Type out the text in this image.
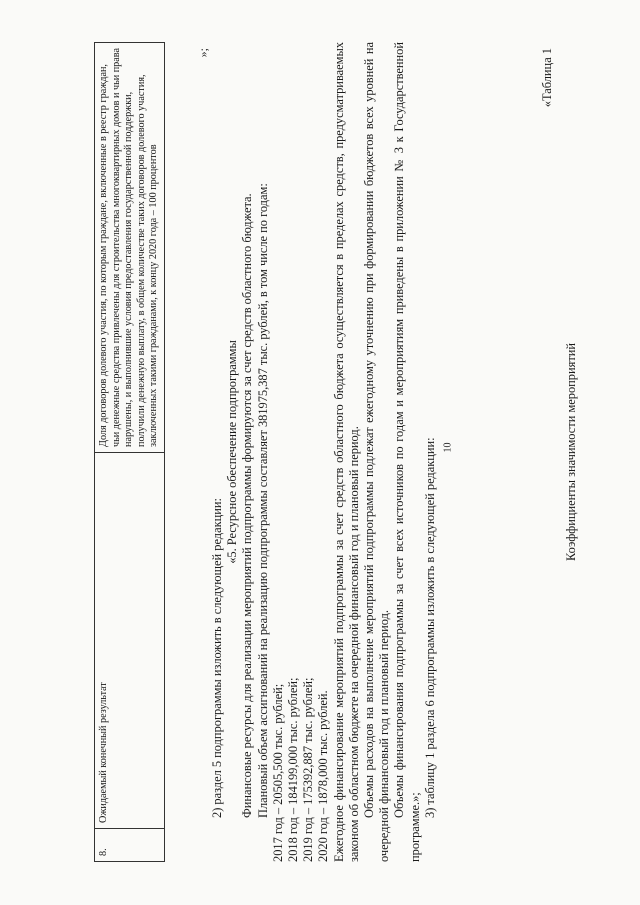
10
8.	Ожидаемый конечный результат	Доля договоров долевого участия, по которым граждане, включенные в реестр граждан, чьи денежные средства привлечены для строительства многоквартирных домов и чьи права нарушены, и выполнившие условия предоставления государственной поддержки, получили денежную выплату, в общем количестве таких договоров долевого участия, заключенных такими гражданами, к концу 2020 года – 100 процентов
»;

2) раздел 5 подпрограммы изложить в следующей редакции:

«5. Ресурсное обеспечение подпрограммы Финансовые ресурсы для реализации мероприятий подпрограммы формируются за счет средств областного бюджета. Плановый объем ассигнований на реализацию подпрограммы составляет 381975,387 тыс. рублей, в том числе по годам: 2017 год – 20505,500 тыс. рублей; 2018 год – 184199,000 тыс. рублей; 2019 год – 175392,887 тыс. рублей; 2020 год – 1878,000 тыс. рублей. Ежегодное финансирование мероприятий подпрограммы за счет средств областного бюджета осуществляется в пределах средств, предусматриваемых законом об областном бюджете на очередной финансовый год и плановый период. Объемы расходов на выполнение мероприятий подпрограммы подлежат ежегодному уточнению при формировании бюджетов всех уровней на очередной финансовый год и плановый период. Объемы финансирования подпрограммы за счет всех источников по годам и мероприятиям приведены в приложении № 3 к Государственной программе.»;

3) таблицу 1 раздела 6 подпрограммы изложить в следующей редакции:

«Таблица 1
Коэффициенты значимости мероприятий
